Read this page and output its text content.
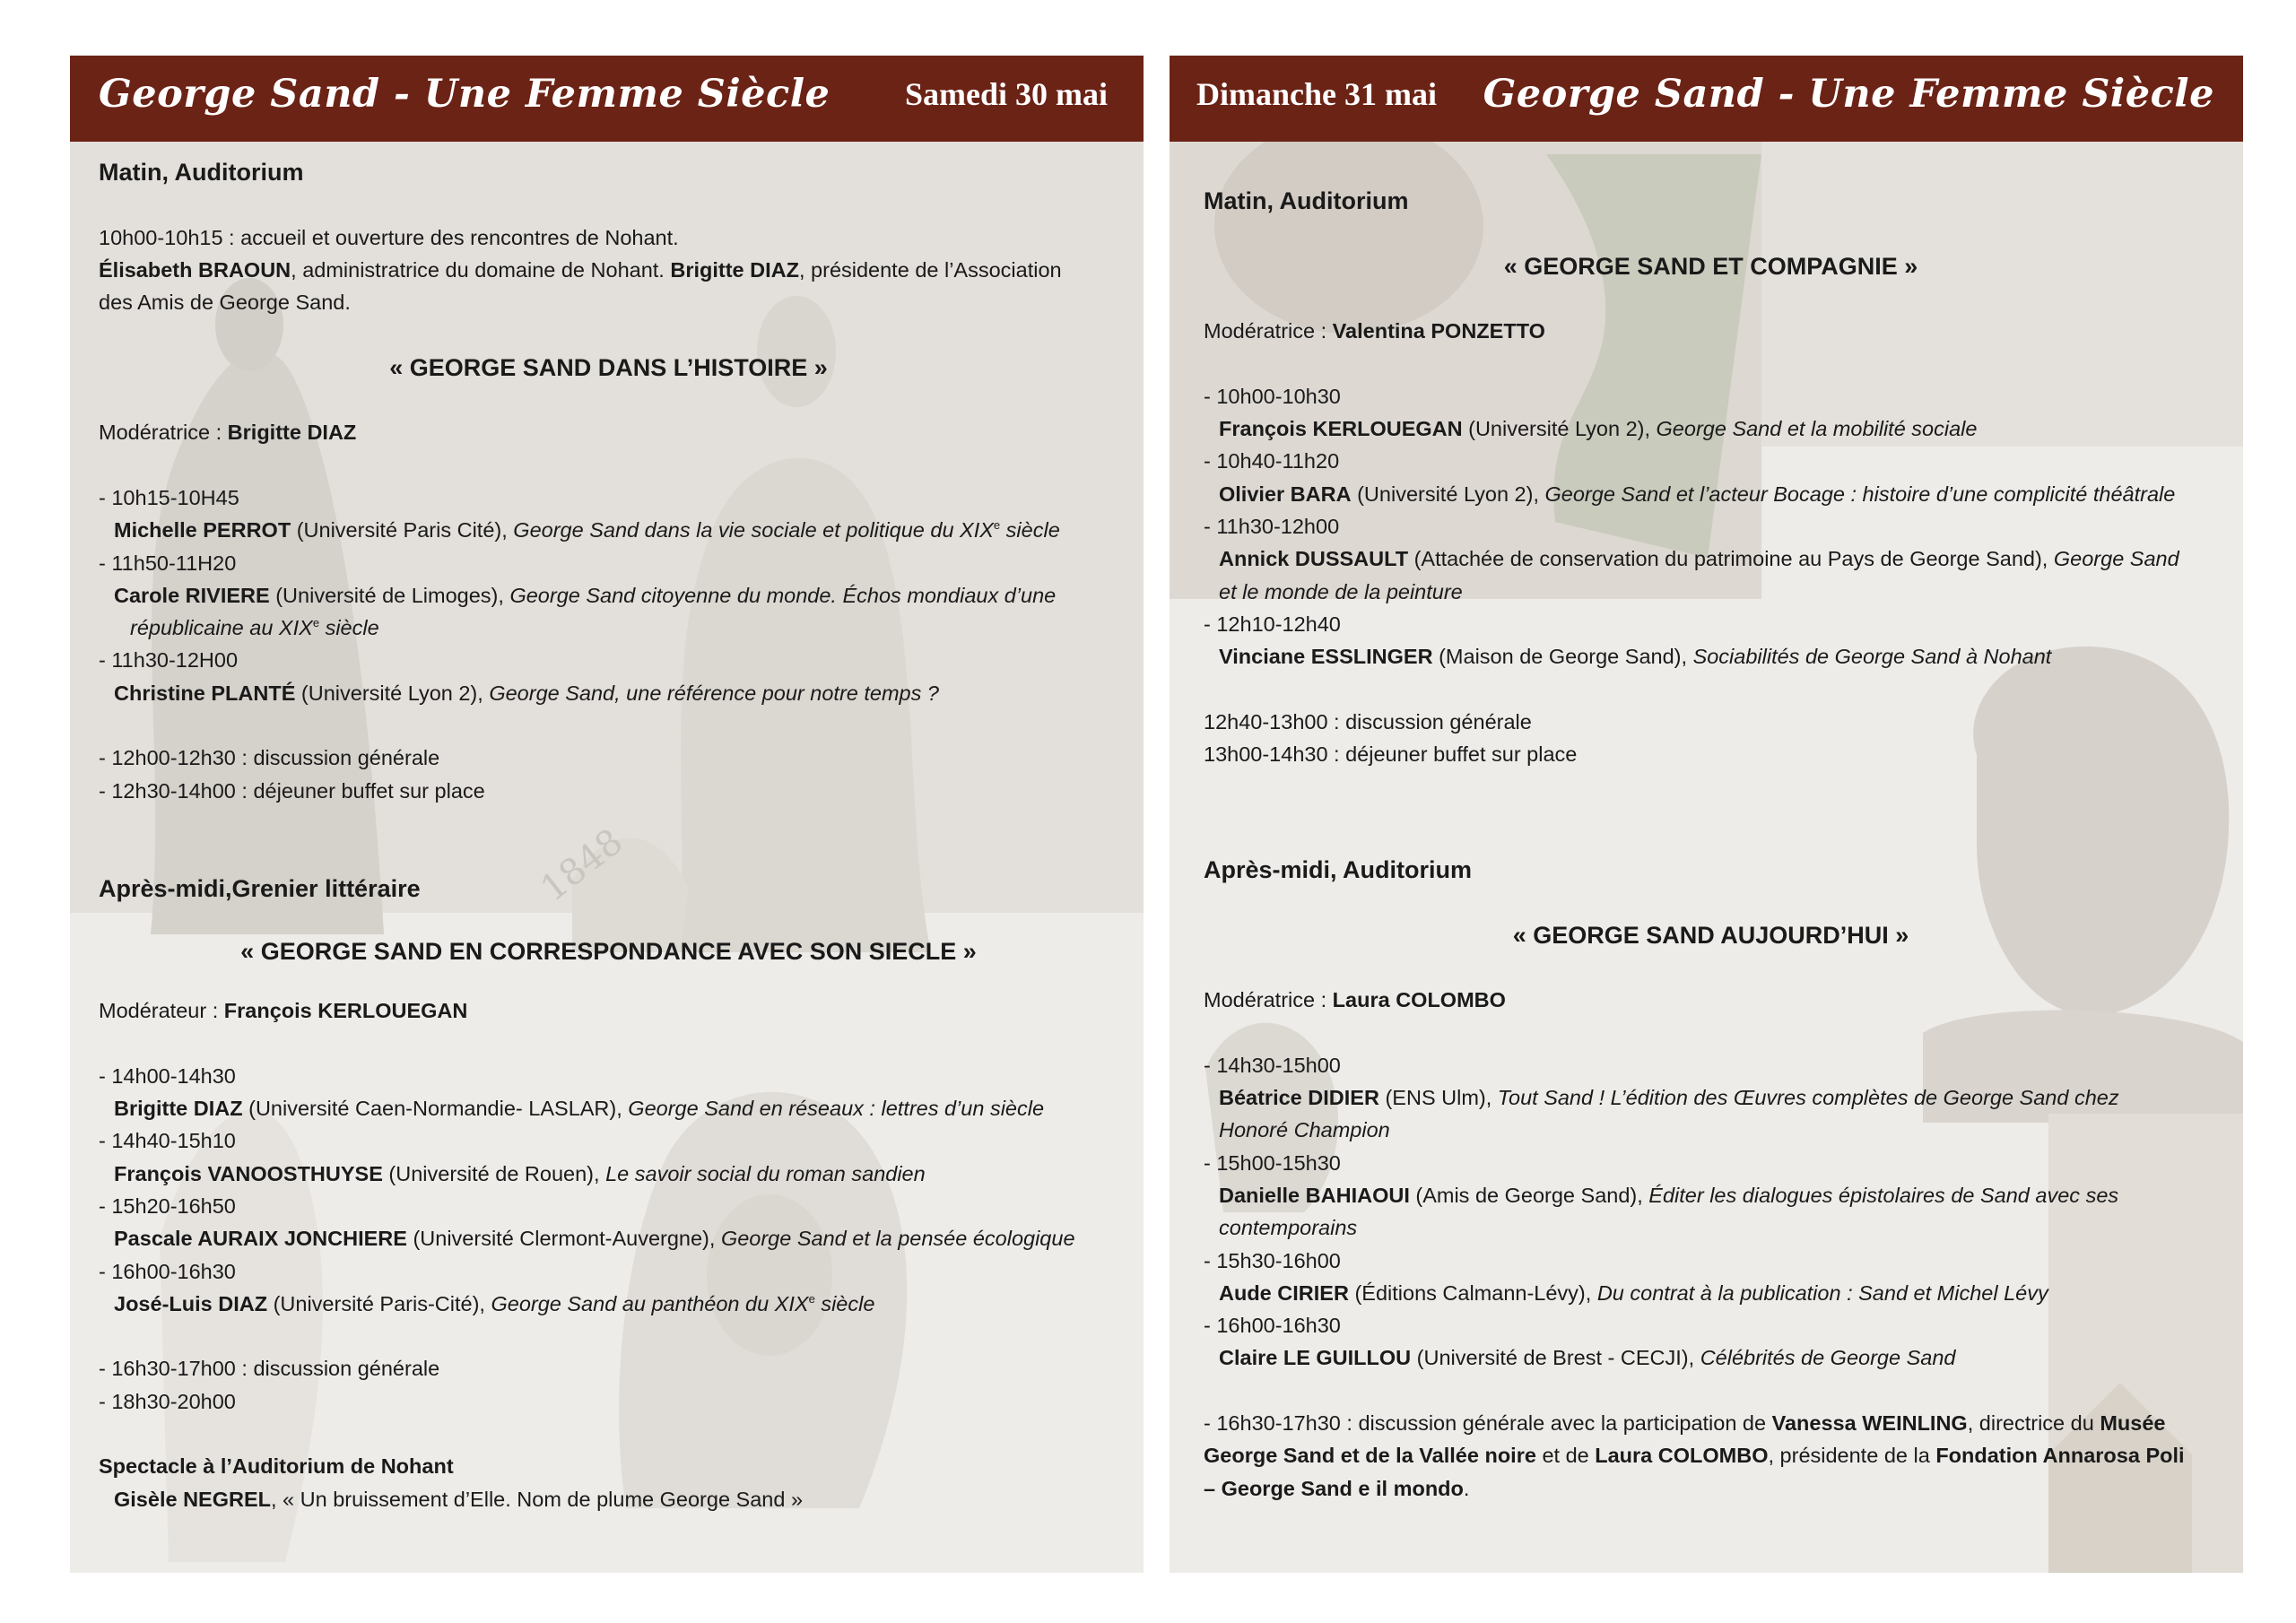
George Sand - Une Femme Siècle Samedi 30 mai
Matin, Auditorium
10h00-10h15 : accueil et ouverture des rencontres de Nohant.
Élisabeth BRAOUN, administratrice du domaine de Nohant. Brigitte DIAZ, présidente de l’Association
des Amis de George Sand.
« GEORGE SAND DANS L’HISTOIRE »
Modératrice : Brigitte DIAZ
- 10h15-10H45
Michelle PERROT (Université Paris Cité), George Sand dans la vie sociale et politique du XIXe siècle
- 11h50-11H20
Carole RIVIERE (Université de Limoges), George Sand citoyenne du monde. Échos mondiaux d’une
républicaine au XIXe siècle
- 11h30-12H00
Christine PLANTÉ (Université Lyon 2), George Sand, une référence pour notre temps ?
- 12h00-12h30 : discussion générale
- 12h30-14h00 : déjeuner buffet sur place
Après-midi,Grenier littéraire
« GEORGE SAND EN CORRESPONDANCE AVEC SON SIECLE »
Modérateur : François KERLOUEGAN
- 14h00-14h30
Brigitte DIAZ (Université Caen-Normandie- LASLAR), George Sand en réseaux : lettres d’un siècle
- 14h40-15h10
François VANOOSTHUYSE (Université de Rouen), Le savoir social du roman sandien
- 15h20-16h50
Pascale AURAIX JONCHIERE (Université Clermont-Auvergne), George Sand et la pensée écologique
- 16h00-16h30
José-Luis DIAZ (Université Paris-Cité), George Sand au panthéon du XIXe siècle
- 16h30-17h00 : discussion générale
- 18h30-20h00
Spectacle à l’Auditorium de Nohant
Gisèle NEGREL, « Un bruissement d’Elle. Nom de plume George Sand »
1848
Dimanche 31 mai George Sand - Une Femme Siècle
Matin, Auditorium
« GEORGE SAND ET COMPAGNIE »
Modératrice : Valentina PONZETTO
- 10h00-10h30
François KERLOUEGAN (Université Lyon 2), George Sand et la mobilité sociale
- 10h40-11h20
Olivier BARA (Université Lyon 2), George Sand et l’acteur Bocage : histoire d’une complicité théâtrale
- 11h30-12h00
Annick DUSSAULT (Attachée de conservation du patrimoine au Pays de George Sand), George Sand
et le monde de la peinture
- 12h10-12h40
Vinciane ESSLINGER (Maison de George Sand), Sociabilités de George Sand à Nohant
12h40-13h00 : discussion générale
13h00-14h30 : déjeuner buffet sur place
Après-midi, Auditorium
« GEORGE SAND AUJOURD’HUI »
Modératrice : Laura COLOMBO
- 14h30-15h00
Béatrice DIDIER (ENS Ulm), Tout Sand ! L’édition des Œuvres complètes de George Sand chez
Honoré Champion
- 15h00-15h30
Danielle BAHIAOUI (Amis de George Sand), Éditer les dialogues épistolaires de Sand avec ses
contemporains
- 15h30-16h00
Aude CIRIER (Éditions Calmann-Lévy), Du contrat à la publication : Sand et Michel Lévy
- 16h00-16h30
Claire LE GUILLOU (Université de Brest - CECJI), Célébrités de George Sand
- 16h30-17h30 : discussion générale avec la participation de Vanessa WEINLING, directrice du Musée
George Sand et de la Vallée noire et de Laura COLOMBO, présidente de la Fondation Annarosa Poli
– George Sand e il mondo.
